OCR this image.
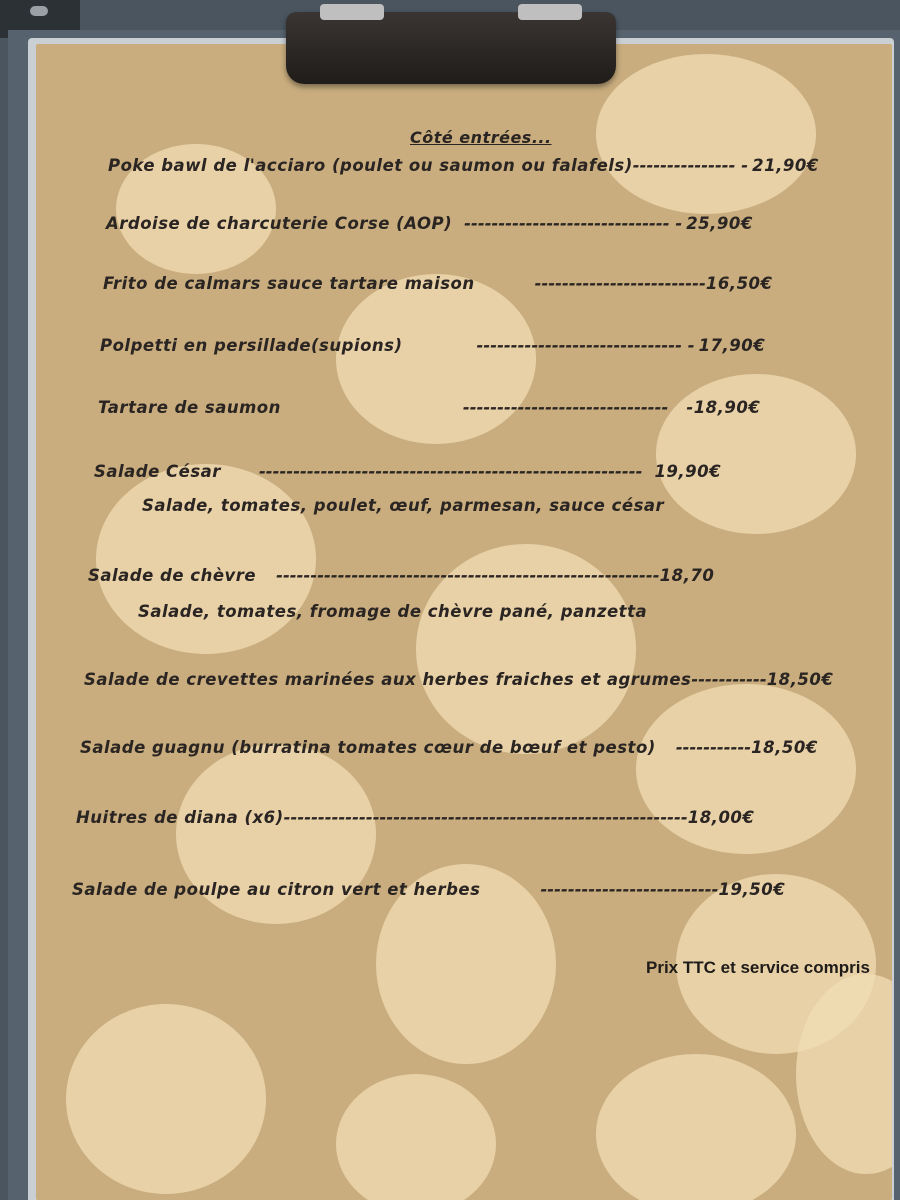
Côté entrées...
Poke bawl de l'acciaro (poulet ou saumon ou falafels) --------------- - 21,90€
Ardoise de charcuterie Corse (AOP) ------------------------------ - 25,90€
Frito de calmars sauce tartare maison	------------------------- 16,50€
Polpetti en persillade(supions)	------------------------------ - 17,90€
Tartare de saumon	------------------------------ -18,90€
Salade César -------------------------------------------------------- 19,90€
Salade, tomates, poulet, œuf, parmesan, sauce césar
Salade de chèvre -------------------------------------------------------- 18,70
Salade, tomates, fromage de chèvre pané, panzetta
Salade de crevettes marinées aux herbes fraiches et agrumes ----------- 18,50€
Salade guagnu (burratina tomates cœur de bœuf et pesto) ----------- 18,50€
Huitres de diana (x6) ----------------------------------------------------------- 18,00€
Salade de poulpe au citron vert et herbes	-------------------------- 19,50€
Prix TTC et service compris
